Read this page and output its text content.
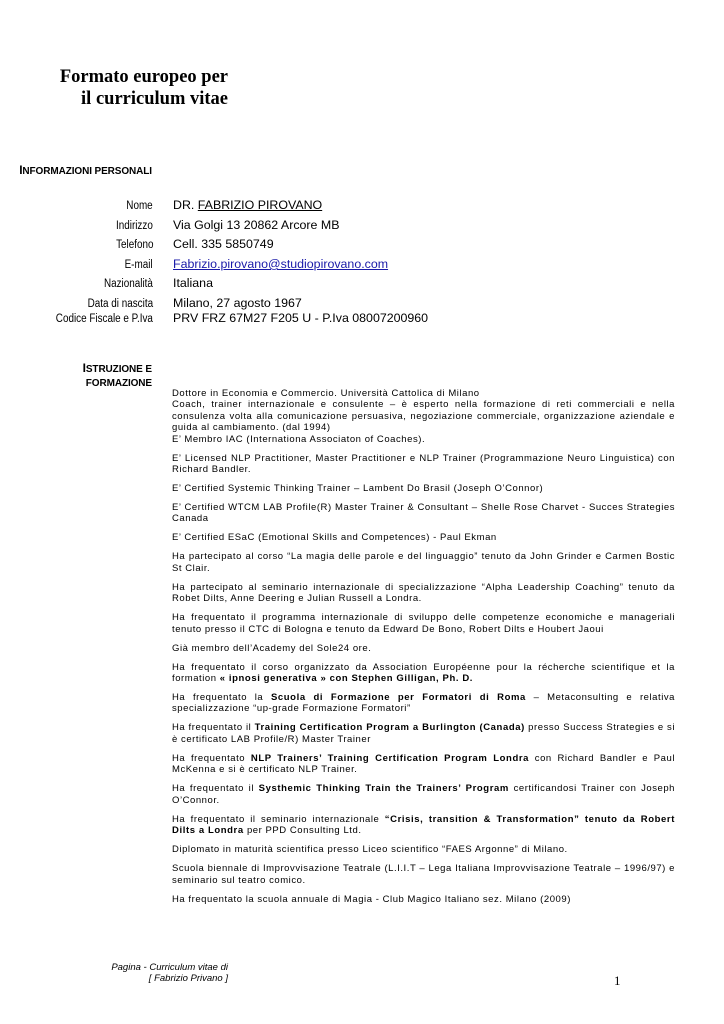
Formato europeo per
il curriculum vitae
INFORMAZIONI PERSONALI
Nome DR. FABRIZIO PIROVANO
Indirizzo Via Golgi 13 20862 Arcore MB
Telefono Cell. 335 5850749
E-mail Fabrizio.pirovano@studiopirovano.com
Nazionalità Italiana
Data di nascita Milano, 27 agosto 1967
Codice Fiscale e P.Iva PRV FRZ 67M27 F205 U - P.Iva 08007200960
ISTRUZIONE E
FORMAZIONE

Dottore in Economia e Commercio. Università Cattolica di Milano

Coach, trainer internazionale e consulente – è esperto nella formazione di reti commerciali e nella consulenza volta alla comunicazione persuasiva, negoziazione commerciale, organizzazione aziendale e guida al cambiamento. (dal 1994)

E’ Membro IAC (Internationa Associaton of Coaches).

E’ Licensed NLP Practitioner, Master Practitioner e NLP Trainer (Programmazione Neuro Linguistica) con Richard Bandler.

E’ Certified Systemic Thinking Trainer – Lambent Do Brasil (Joseph O’Connor)

E’ Certified WTCM LAB Profile(R) Master Trainer & Consultant – Shelle Rose Charvet - Succes Strategies Canada

E’ Certified ESaC (Emotional Skills and Competences) - Paul Ekman

Ha partecipato al corso “La magia delle parole e del linguaggio” tenuto da John Grinder e Carmen Bostic St Clair.

Ha partecipato al seminario internazionale di specializzazione “Alpha Leadership Coaching” tenuto da Robet Dilts, Anne Deering e Julian Russell a Londra.

Ha frequentato il programma internazionale di sviluppo delle competenze economiche e manageriali tenuto presso il CTC di Bologna e tenuto da Edward De Bono, Robert Dilts e Houbert Jaoui

Già membro dell’Academy del Sole24 ore.

Ha frequentato il corso organizzato da Association Européenne pour la récherche scientifique et la formation « ipnosi generativa » con Stephen Gilligan, Ph. D.

Ha frequentato la Scuola di Formazione per Formatori di Roma – Metaconsulting e relativa specializzazione “up-grade Formazione Formatori”

Ha frequentato il Training Certification Program a Burlington (Canada) presso Success Strategies e si è certificato LAB Profile/R) Master Trainer

Ha frequentato NLP Trainers’ Training Certification Program Londra con Richard Bandler e Paul McKenna e si è certificato NLP Trainer.

Ha frequentato il Systhemic Thinking Train the Trainers’ Program certificandosi Trainer con Joseph O’Connor.

Ha frequentato il seminario internazionale “Crisis, transition & Transformation” tenuto da Robert Dilts a Londra per PPD Consulting Ltd.

Diplomato in maturità scientifica presso Liceo scientifico “FAES Argonne” di Milano.

Scuola biennale di Improvvisazione Teatrale (L.I.I.T – Lega Italiana Improvvisazione Teatrale – 1996/97) e seminario sul teatro comico.

Ha frequentato la scuola annuale di Magia - Club Magico Italiano sez. Milano (2009)

Pagina - Curriculum vitae di
[ Fabrizio Privano ]	1
